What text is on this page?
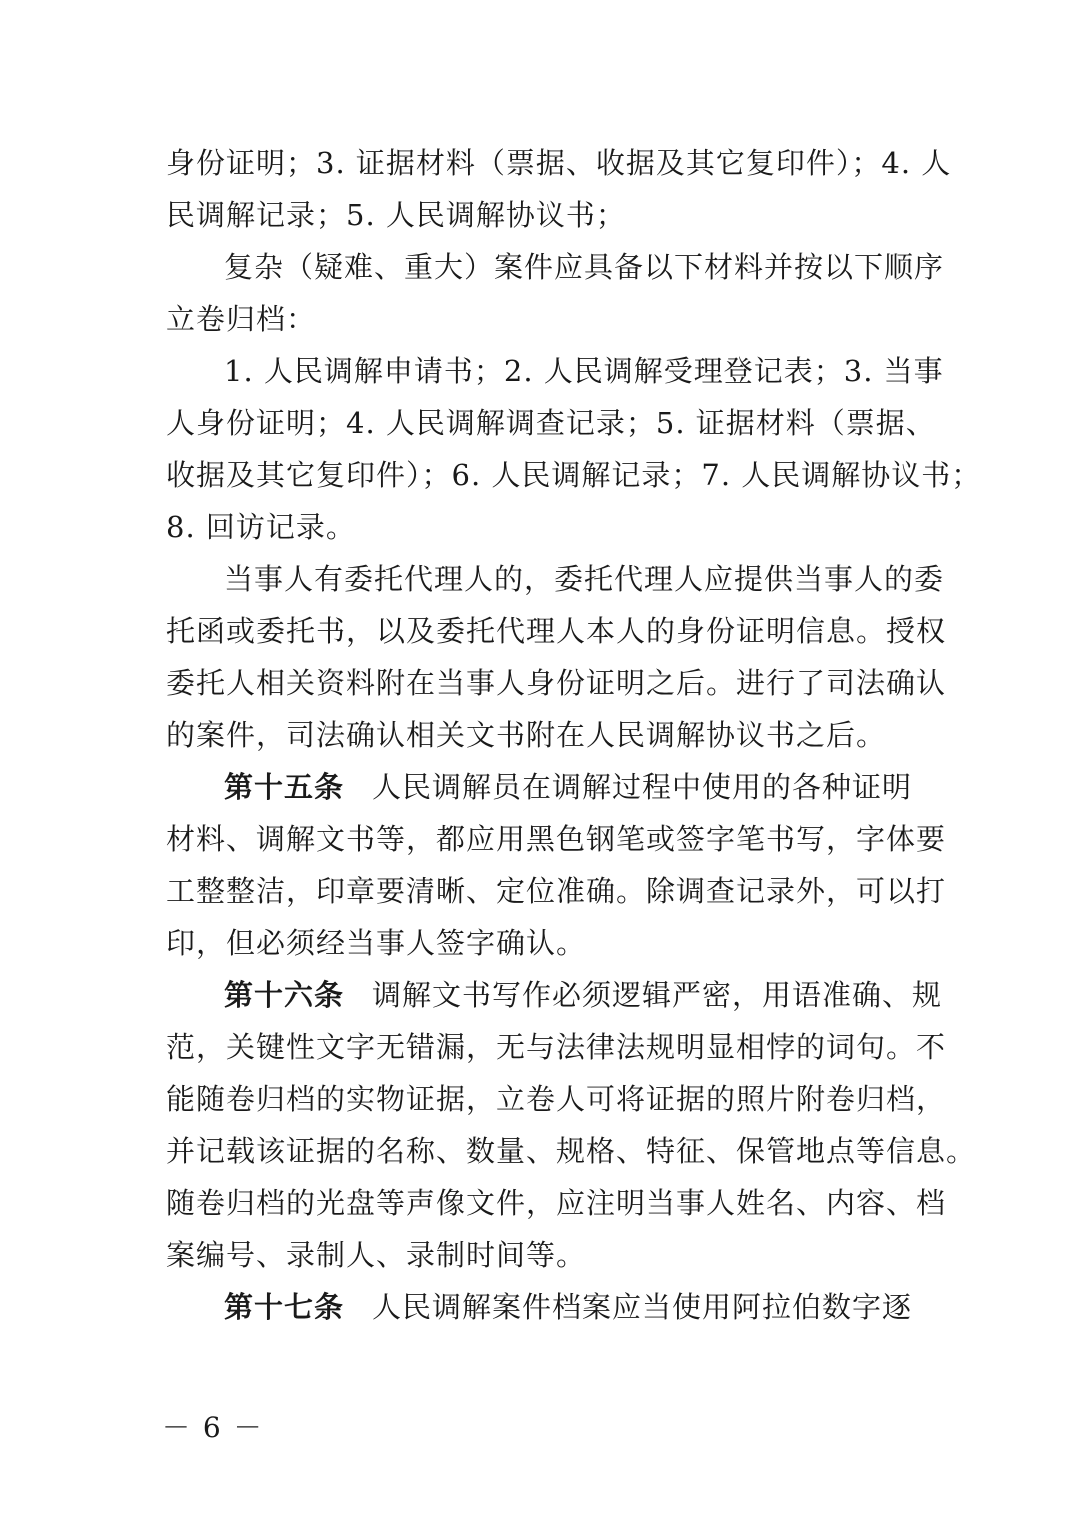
身份证明；3. 证据材料（票据、收据及其它复印件）；4. 人
民调解记录；5. 人民调解协议书；
复杂（疑难、重大）案件应具备以下材料并按以下顺序
立卷归档：
1. 人民调解申请书；2. 人民调解受理登记表；3. 当事
人身份证明；4. 人民调解调查记录；5. 证据材料（票据、
收据及其它复印件）；6. 人民调解记录；7. 人民调解协议书；
8. 回访记录。
当事人有委托代理人的，委托代理人应提供当事人的委
托函或委托书，以及委托代理人本人的身份证明信息。授权
委托人相关资料附在当事人身份证明之后。进行了司法确认
的案件，司法确认相关文书附在人民调解协议书之后。
第十五条 人民调解员在调解过程中使用的各种证明
材料、调解文书等，都应用黑色钢笔或签字笔书写，字体要
工整整洁，印章要清晰、定位准确。除调查记录外，可以打
印，但必须经当事人签字确认。
第十六条 调解文书写作必须逻辑严密，用语准确、规
范，关键性文字无错漏，无与法律法规明显相悖的词句。不
能随卷归档的实物证据，立卷人可将证据的照片附卷归档，
并记载该证据的名称、数量、规格、特征、保管地点等信息。
随卷归档的光盘等声像文件，应注明当事人姓名、内容、档
案编号、录制人、录制时间等。
第十七条 人民调解案件档案应当使用阿拉伯数字逐
－ 6 －
